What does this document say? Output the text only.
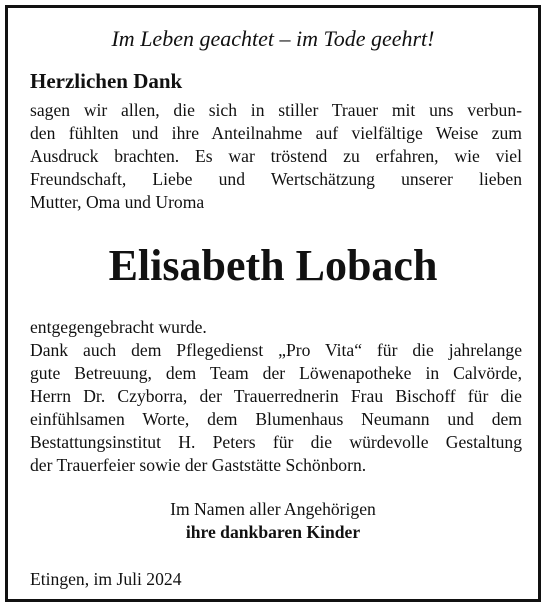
Im Leben geachtet – im Tode geehrt!
Herzlichen Dank
sagen wir allen, die sich in stiller Trauer mit uns verbun-
den fühlten und ihre Anteilnahme auf vielfältige Weise zum
Ausdruck brachten. Es war tröstend zu erfahren, wie viel
Freundschaft, Liebe und Wertschätzung unserer lieben
Mutter, Oma und Uroma
Elisabeth Lobach
entgegengebracht wurde.
Dank auch dem Pflegedienst „Pro Vita“ für die jahrelange
gute Betreuung, dem Team der Löwenapotheke in Calvörde,
Herrn Dr. Czyborra, der Trauerrednerin Frau Bischoff für die
einfühlsamen Worte, dem Blumenhaus Neumann und dem
Bestattungsinstitut H. Peters für die würdevolle Gestaltung
der Trauerfeier sowie der Gaststätte Schönborn.
Im Namen aller Angehörigen
ihre dankbaren Kinder
Etingen, im Juli 2024
